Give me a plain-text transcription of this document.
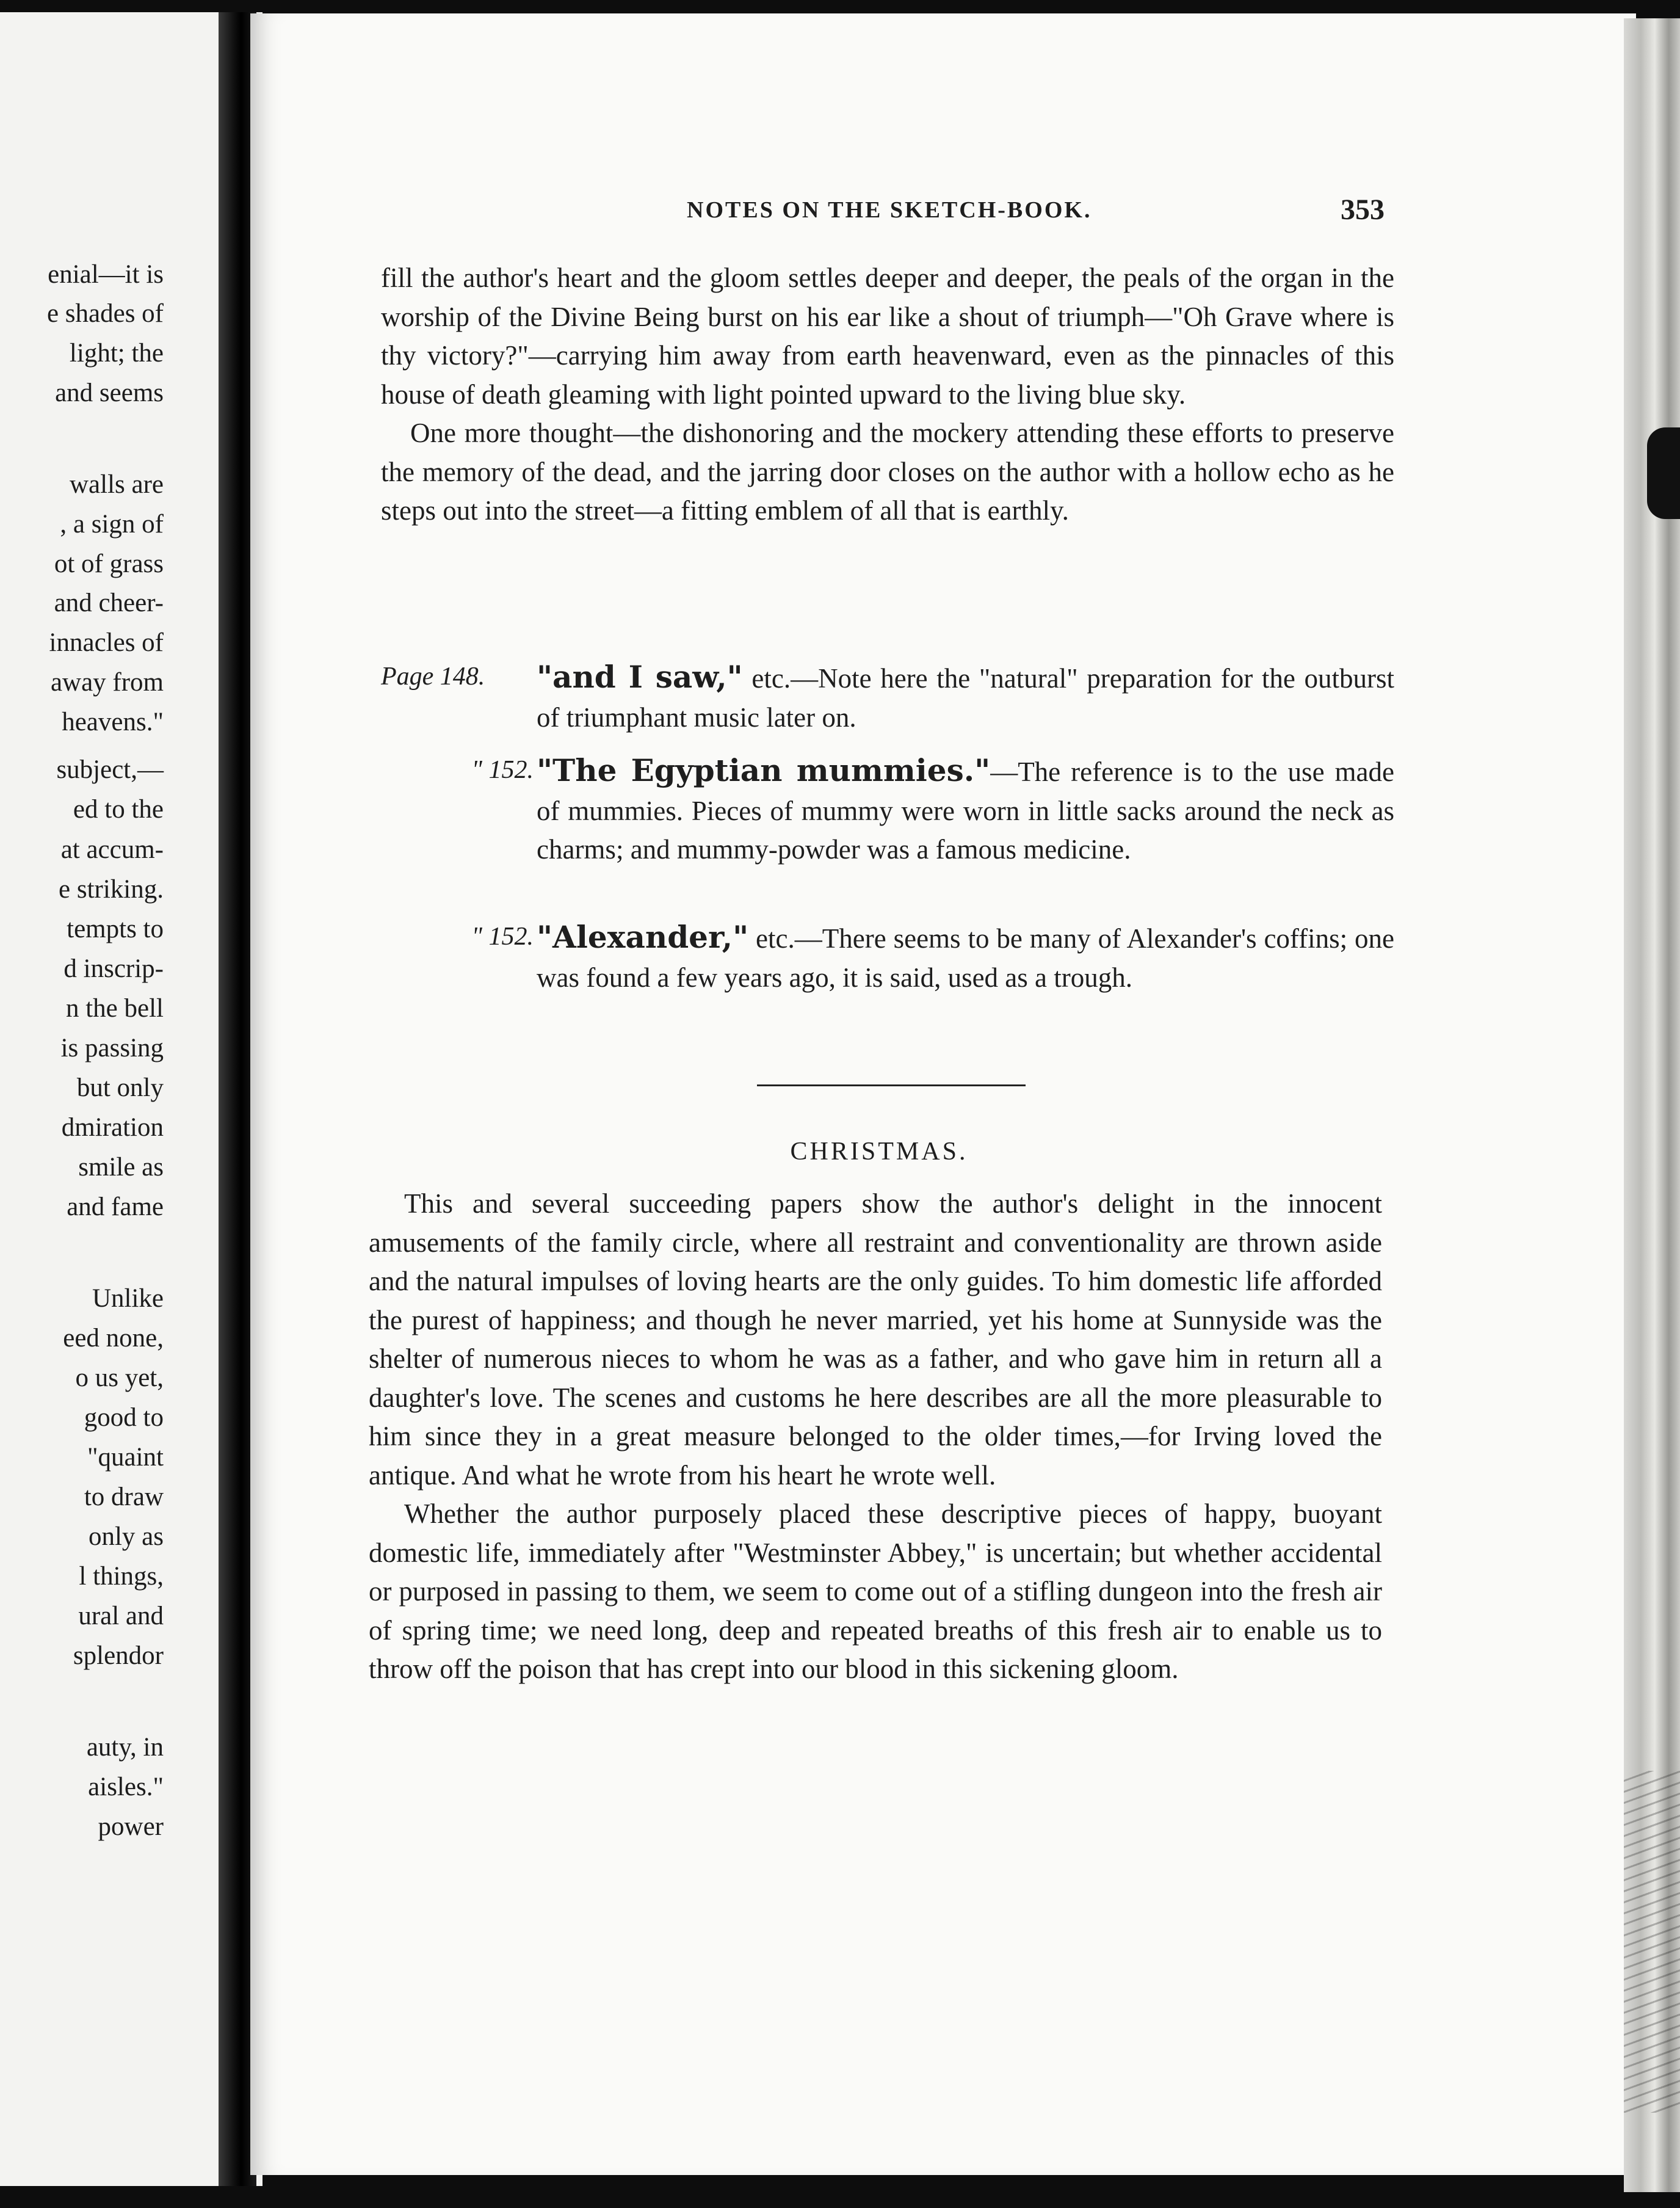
enial—it is
e shades of
light; the
and seems
walls are
, a sign of
ot of grass
and cheer-
innacles of
away from
heavens."
subject,—
ed to the
at accum-
e striking.
tempts to
d inscrip-
n the bell
is passing
but only
dmiration
smile as
and fame
Unlike
eed none,
o us yet,
good to
"quaint
to draw
only as
l things,
ural and
splendor
auty, in
aisles."
power
NOTES ON THE SKETCH-BOOK.	353

fill the author's heart and the gloom settles deeper and deeper, the peals of the organ in the worship of the Divine Being burst on his ear like a shout of triumph—"Oh Grave where is thy victory?"—carrying him away from earth heavenward, even as the pinnacles of this house of death gleaming with light pointed upward to the living blue sky.

One more thought—the dishonoring and the mockery attending these efforts to preserve the memory of the dead, and the jarring door closes on the author with a hollow echo as he steps out into the street—a fitting emblem of all that is earthly.

Page 148.	"and I saw," etc.—Note here the "natural" preparation for the outburst of triumphant music later on.
" 152. "The Egyptian mummies."—The reference is to the use made of mummies. Pieces of mummy were worn in little sacks around the neck as charms; and mummy-powder was a famous medicine.
" 152. "Alexander," etc.—There seems to be many of Alexander's coffins; one was found a few years ago, it is said, used as a trough.
CHRISTMAS.

This and several succeeding papers show the author's delight in the innocent amusements of the family circle, where all restraint and conventionality are thrown aside and the natural impulses of loving hearts are the only guides. To him domestic life afforded the purest of happiness; and though he never married, yet his home at Sunnyside was the shelter of numerous nieces to whom he was as a father, and who gave him in return all a daughter's love. The scenes and customs he here describes are all the more pleasurable to him since they in a great measure belonged to the older times,—for Irving loved the antique. And what he wrote from his heart he wrote well.

Whether the author purposely placed these descriptive pieces of happy, buoyant domestic life, immediately after "Westminster Abbey," is uncertain; but whether accidental or purposed in passing to them, we seem to come out of a stifling dungeon into the fresh air of spring time; we need long, deep and repeated breaths of this fresh air to enable us to throw off the poison that has crept into our blood in this sickening gloom.
